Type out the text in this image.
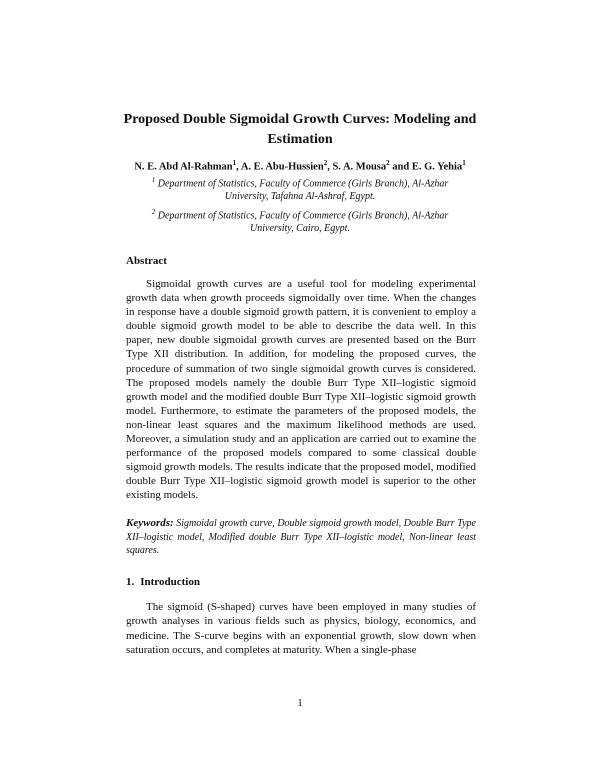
Proposed Double Sigmoidal Growth Curves: Modeling and Estimation
N. E. Abd Al-Rahman$^1$, A. E. Abu-Hussien$^2$, S. A. Mousa$^2$ and E. G. Yehia$^1$
$^1$ Department of Statistics, Faculty of Commerce (Girls Branch), Al-Azhar University, Tafahna Al-Ashraf, Egypt.
$^2$ Department of Statistics, Faculty of Commerce (Girls Branch), Al-Azhar University, Cairo, Egypt.
Abstract

Sigmoidal growth curves are a useful tool for modeling experimental growth data when growth proceeds sigmoidally over time. When the changes in response have a double sigmoid growth pattern, it is convenient to employ a double sigmoid growth model to be able to describe the data well. In this paper, new double sigmoidal growth curves are presented based on the Burr Type XII distribution. In addition, for modeling the proposed curves, the procedure of summation of two single sigmoidal growth curves is considered. The proposed models namely the double Burr Type XII–logistic sigmoid growth model and the modified double Burr Type XII–logistic sigmoid growth model. Furthermore, to estimate the parameters of the proposed models, the non-linear least squares and the maximum likelihood methods are used. Moreover, a simulation study and an application are carried out to examine the performance of the proposed models compared to some classical double sigmoid growth models. The results indicate that the proposed model, modified double Burr Type XII–logistic sigmoid growth model is superior to the other existing models.

Keywords: Sigmoidal growth curve, Double sigmoid growth model, Double Burr Type XII–logistic model, Modified double Burr Type XII–logistic model, Non-linear least squares.

1. Introduction

The sigmoid (S-shaped) curves have been employed in many studies of growth analyses in various fields such as physics, biology, economics, and medicine. The S-curve begins with an exponential growth, slow down when saturation occurs, and completes at maturity. When a single-phase

1
